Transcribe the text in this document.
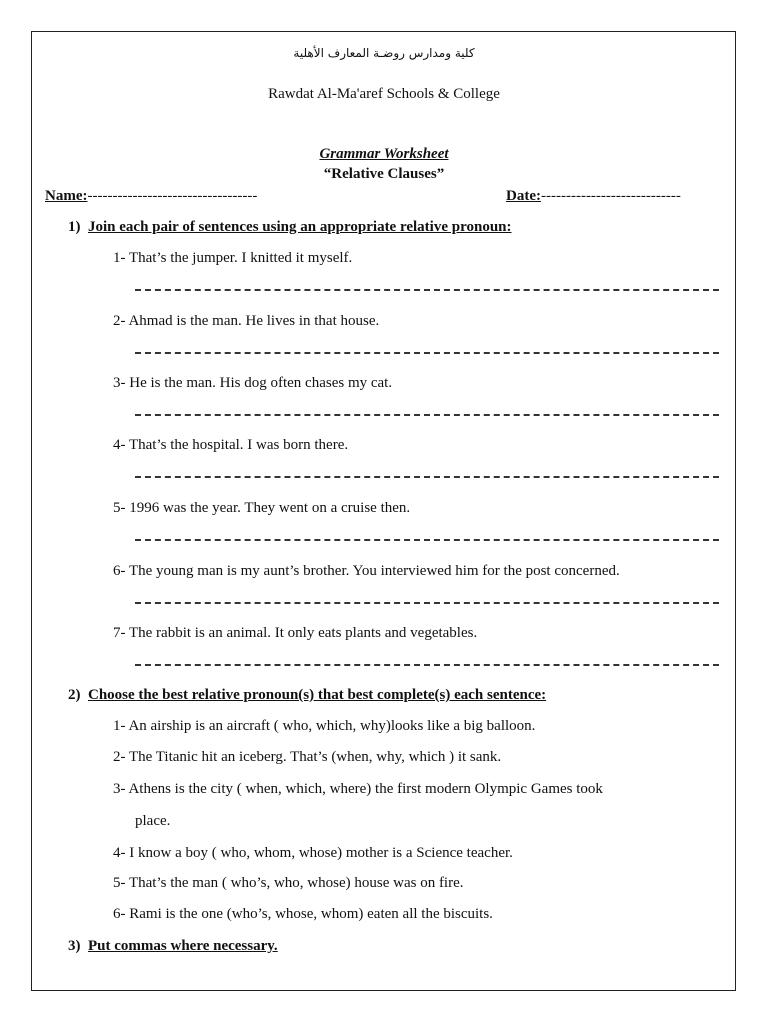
كلية ومدارس روضـة المعارف الأهلية
Rawdat Al-Ma'aref Schools & College
Grammar Worksheet
“Relative Clauses”
Name:----------------------------------	Date:----------------------------
1) Join each pair of sentences using an appropriate relative pronoun:
1- That’s the jumper. I knitted it myself.
2- Ahmad is the man. He lives in that house.
3- He is the man. His dog often chases my cat.
4- That’s the hospital. I was born there.
5- 1996 was the year. They went on a cruise then.
6- The young man is my aunt’s brother. You interviewed him for the post concerned.
7- The rabbit is an animal. It only eats plants and vegetables.
2) Choose the best relative pronoun(s) that best complete(s) each sentence:
1- An airship is an aircraft ( who, which, why)looks like a big balloon.
2- The Titanic hit an iceberg. That’s (when, why, which ) it sank.
3- Athens is the city ( when, which, where) the first modern Olympic Games took
place.
4- I know a boy ( who, whom, whose) mother is a Science teacher.
5- That’s the man ( who’s, who, whose) house was on fire.
6- Rami is the one (who’s, whose, whom) eaten all the biscuits.
3) Put commas where necessary.
